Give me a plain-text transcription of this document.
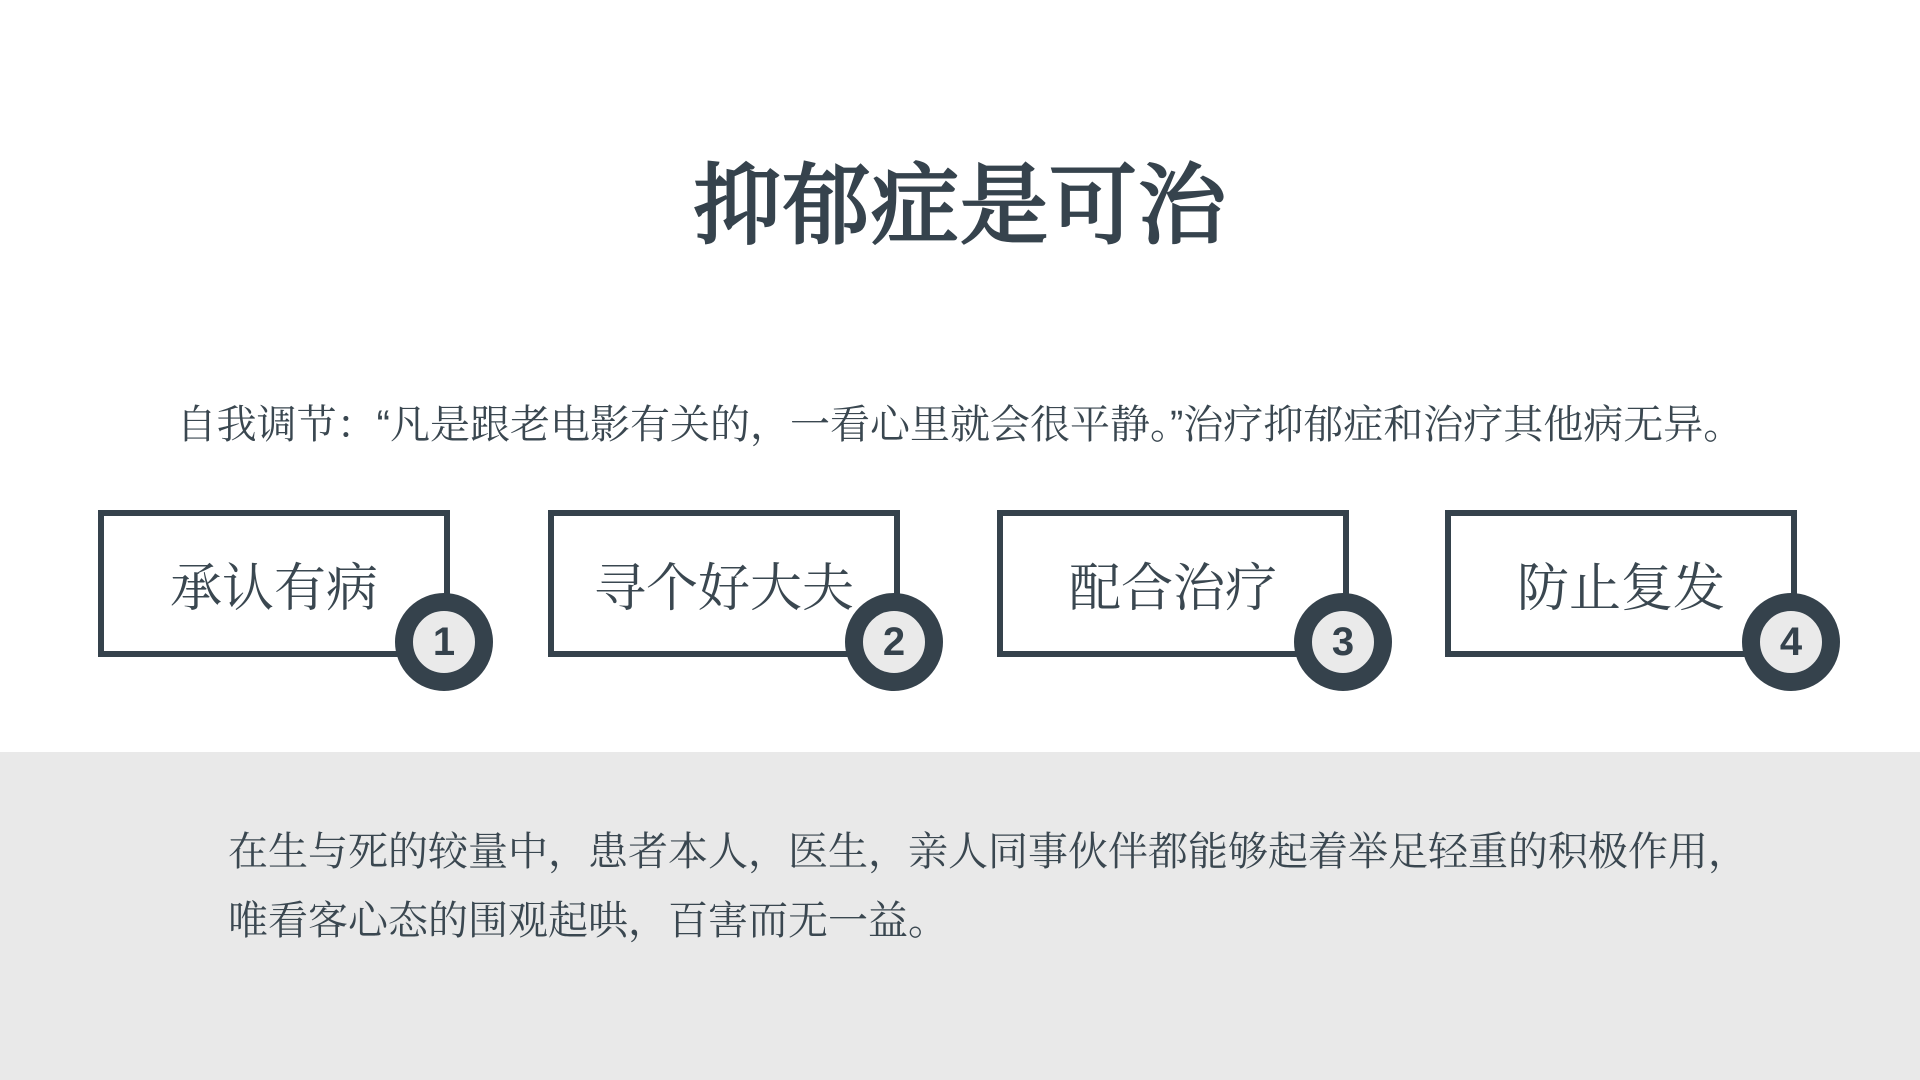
抑郁症是可治
自我调节：“凡是跟老电影有关的，一看心里就会很平静。”治疗抑郁症和治疗其他病无异。
承认有病
1
寻个好大夫
2
配合治疗
3
防止复发
4
在生与死的较量中，患者本人，医生，亲人同事伙伴都能够起着举足轻重的积极作用，
唯看客心态的围观起哄，百害而无一益。
